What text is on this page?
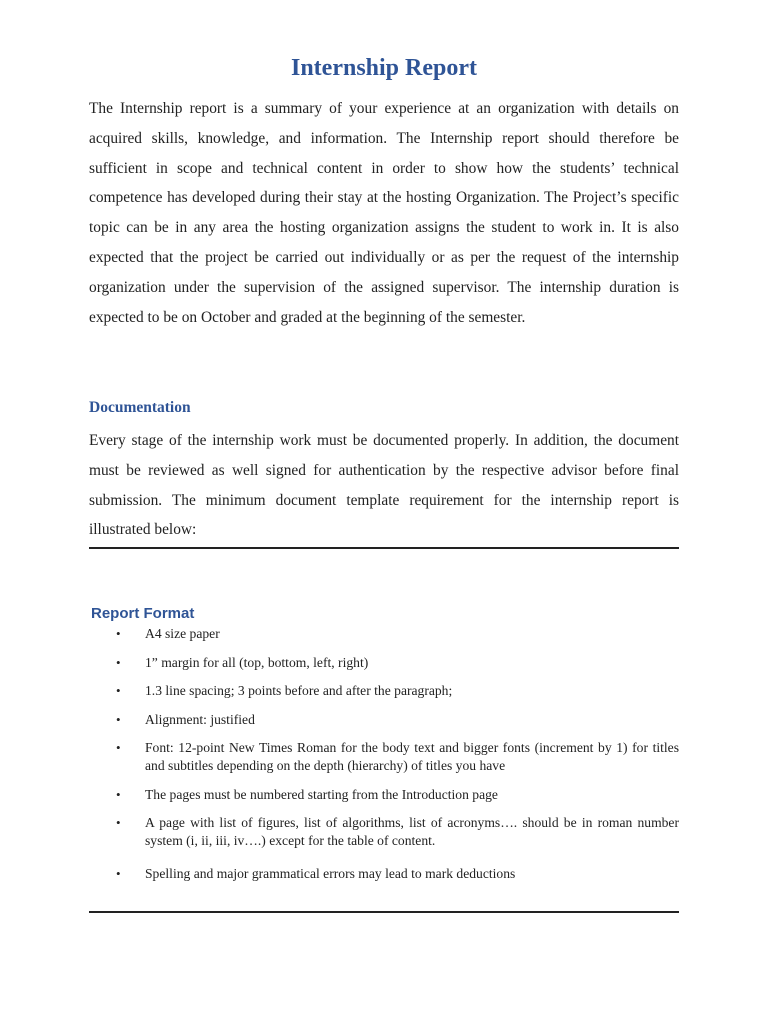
Internship Report

The Internship report is a summary of your experience at an organization with details on acquired skills, knowledge, and information. The Internship report should therefore be sufficient in scope and technical content in order to show how the students’ technical competence has developed during their stay at the hosting Organization. The Project’s specific topic can be in any area the hosting organization assigns the student to work in. It is also expected that the project be carried out individually or as per the request of the internship organization under the supervision of the assigned supervisor. The internship duration is expected to be on October and graded at the beginning of the semester.

Documentation

Every stage of the internship work must be documented properly. In addition, the document must be reviewed as well signed for authentication by the respective advisor before final submission. The minimum document template requirement for the internship report is illustrated below:

Report Format
• A4 size paper
• 1” margin for all (top, bottom, left, right)
• 1.3 line spacing; 3 points before and after the paragraph;
• Alignment: justified
• Font: 12-point New Times Roman for the body text and bigger fonts (increment by 1) for titles and subtitles depending on the depth (hierarchy) of titles you have
• The pages must be numbered starting from the Introduction page
• A page with list of figures, list of algorithms, list of acronyms…. should be in roman number system (i, ii, iii, iv….) except for the table of content.
• Spelling and major grammatical errors may lead to mark deductions
